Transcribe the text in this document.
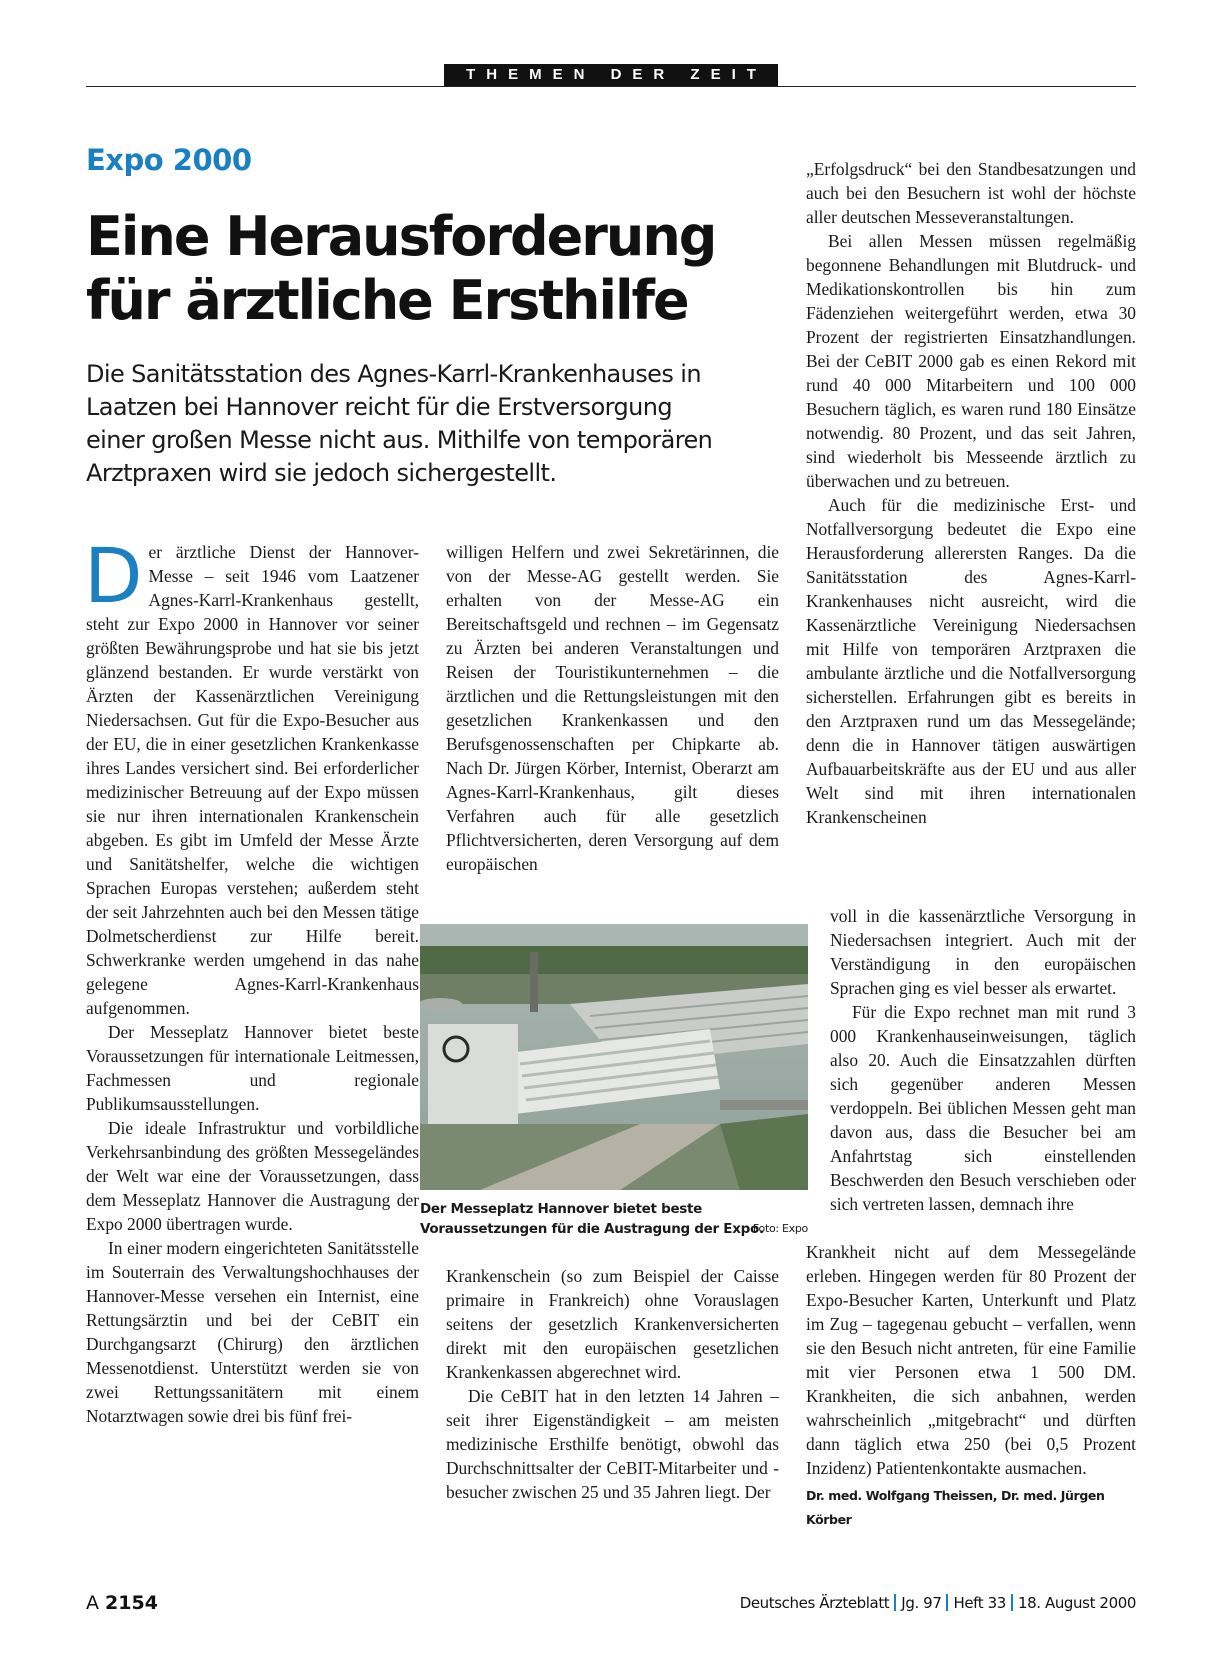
THEMEN DER ZEIT
Expo 2000
Eine Herausforderung für ärztliche Ersthilfe
Die Sanitätsstation des Agnes-Karrl-Krankenhauses in Laatzen bei Hannover reicht für die Erstversorgung einer großen Messe nicht aus. Mithilfe von temporären Arztpraxen wird sie jedoch sichergestellt.

Der ärztliche Dienst der Hannover-Messe – seit 1946 vom Laatzener Agnes-Karrl-Krankenhaus gestellt, steht zur Expo 2000 in Hannover vor seiner größten Bewährungsprobe und hat sie bis jetzt glänzend bestanden. Er wurde verstärkt von Ärzten der Kassenärztlichen Vereinigung Niedersachsen. Gut für die Expo-Besucher aus der EU, die in einer gesetzlichen Krankenkasse ihres Landes versichert sind. Bei erforderlicher medizinischer Betreuung auf der Expo müssen sie nur ihren internationalen Krankenschein abgeben. Es gibt im Umfeld der Messe Ärzte und Sanitätshelfer, welche die wichtigen Sprachen Europas verstehen; außerdem steht der seit Jahrzehnten auch bei den Messen tätige Dolmetscherdienst zur Hilfe bereit. Schwerkranke werden umgehend in das nahe gelegene Agnes-Karrl-Krankenhaus aufgenommen.

Der Messeplatz Hannover bietet beste Voraussetzungen für internationale Leitmessen, Fachmessen und regionale Publikumsausstellungen.

Die ideale Infrastruktur und vorbildliche Verkehrsanbindung des größten Messegeländes der Welt war eine der Voraussetzungen, dass dem Messeplatz Hannover die Austragung der Expo 2000 übertragen wurde.

In einer modern eingerichteten Sanitätsstelle im Souterrain des Verwaltungshochhauses der Hannover-Messe versehen ein Internist, eine Rettungsärztin und bei der CeBIT ein Durchgangsarzt (Chirurg) den ärztlichen Messenotdienst. Unterstützt werden sie von zwei Rettungssanitätern mit einem Notarztwagen sowie drei bis fünf frei-

willigen Helfern und zwei Sekretärinnen, die von der Messe-AG gestellt werden. Sie erhalten von der Messe-AG ein Bereitschaftsgeld und rechnen – im Gegensatz zu Ärzten bei anderen Veranstaltungen und Reisen der Touristikunternehmen – die ärztlichen und die Rettungsleistungen mit den gesetzlichen Krankenkassen und den Berufsgenossenschaften per Chipkarte ab. Nach Dr. Jürgen Körber, Internist, Oberarzt am Agnes-Karrl-Krankenhaus, gilt dieses Verfahren auch für alle gesetzlich Pflichtversicherten, deren Versorgung auf dem europäischen

Der Messeplatz Hannover bietet beste Voraussetzungen für die Austragung der Expo.
Foto: Expo

Krankenschein (so zum Beispiel der Caisse primaire in Frankreich) ohne Vorauslagen seitens der gesetzlich Krankenversicherten direkt mit den europäischen gesetzlichen Krankenkassen abgerechnet wird.

Die CeBIT hat in den letzten 14 Jahren – seit ihrer Eigenständigkeit – am meisten medizinische Ersthilfe benötigt, obwohl das Durchschnittsalter der CeBIT-Mitarbeiter und -besucher zwischen 25 und 35 Jahren liegt. Der

„Erfolgsdruck“ bei den Standbesatzungen und auch bei den Besuchern ist wohl der höchste aller deutschen Messeveranstaltungen.

Bei allen Messen müssen regelmäßig begonnene Behandlungen mit Blutdruck- und Medikationskontrollen bis hin zum Fädenziehen weitergeführt werden, etwa 30 Prozent der registrierten Einsatzhandlungen. Bei der CeBIT 2000 gab es einen Rekord mit rund 40 000 Mitarbeitern und 100 000 Besuchern täglich, es waren rund 180 Einsätze notwendig. 80 Prozent, und das seit Jahren, sind wiederholt bis Messeende ärztlich zu überwachen und zu betreuen.

Auch für die medizinische Erst- und Notfallversorgung bedeutet die Expo eine Herausforderung allerersten Ranges. Da die Sanitätsstation des Agnes-Karrl-Krankenhauses nicht ausreicht, wird die Kassenärztliche Vereinigung Niedersachsen mit Hilfe von temporären Arztpraxen die ambulante ärztliche und die Notfallversorgung sicherstellen. Erfahrungen gibt es bereits in den Arztpraxen rund um das Messegelände; denn die in Hannover tätigen auswärtigen Aufbauarbeitskräfte aus der EU und aus aller Welt sind mit ihren internationalen Krankenscheinen

voll in die kassenärztliche Versorgung in Niedersachsen integriert. Auch mit der Verständigung in den europäischen Sprachen ging es viel besser als erwartet.

Für die Expo rechnet man mit rund 3 000 Krankenhauseinweisungen, täglich also 20. Auch die Einsatzzahlen dürften sich gegenüber anderen Messen verdoppeln. Bei üblichen Messen geht man davon aus, dass die Besucher bei am Anfahrtstag sich einstellenden Beschwerden den Besuch verschieben oder sich vertreten lassen, demnach ihre

Krankheit nicht auf dem Messegelände erleben. Hingegen werden für 80 Prozent der Expo-Besucher Karten, Unterkunft und Platz im Zug – tagegenau gebucht – verfallen, wenn sie den Besuch nicht antreten, für eine Familie mit vier Personen etwa 1 500 DM. Krankheiten, die sich anbahnen, werden wahrscheinlich „mitgebracht“ und dürften dann täglich etwa 250 (bei 0,5 Prozent Inzidenz) Patientenkontakte ausmachen.

Dr. med. Wolfgang Theissen, Dr. med. Jürgen Körber
A 2154	Deutsches Ärzteblatt Jg. 97 Heft 33 18. August 2000
